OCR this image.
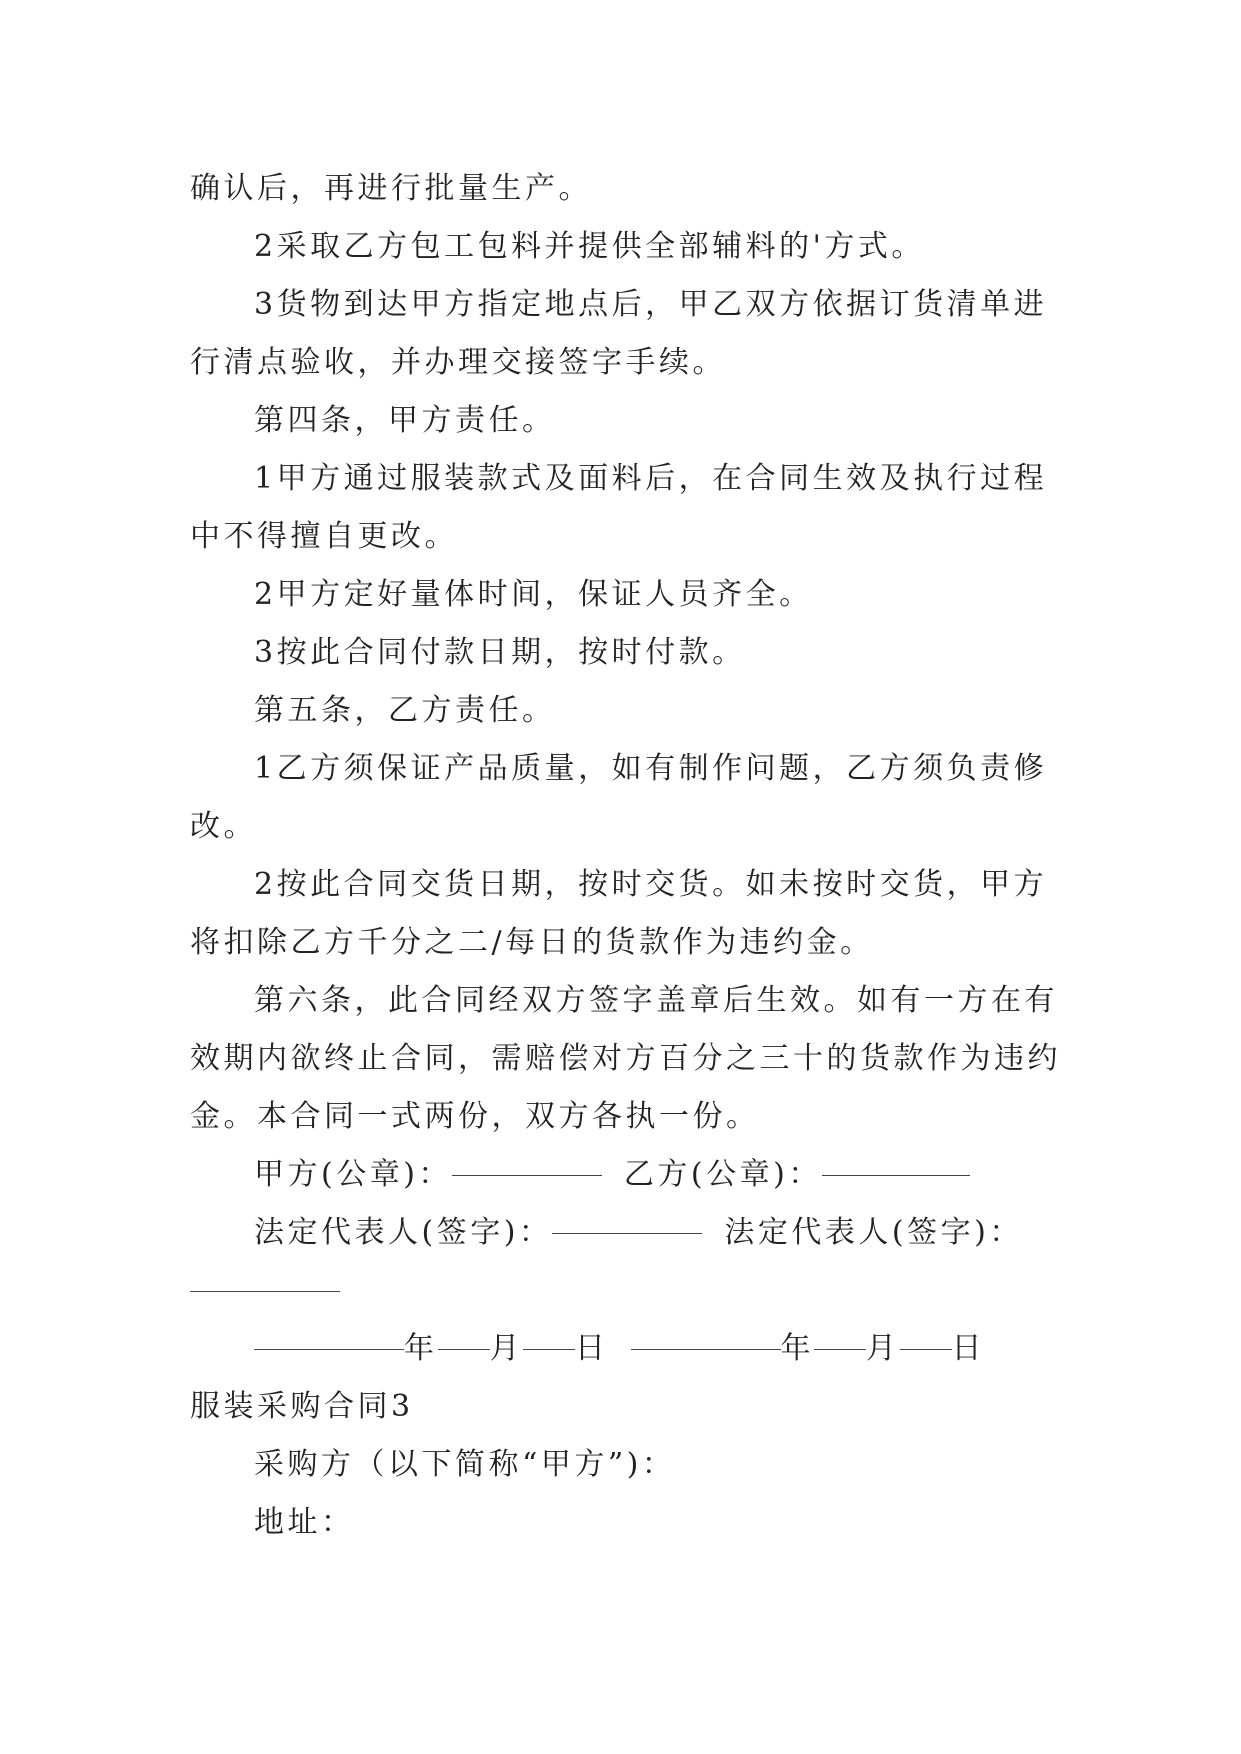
确认后，再进行批量生产。

2采取乙方包工包料并提供全部辅料的'方式。

3货物到达甲方指定地点后，甲乙双方依据订货清单进

行清点验收，并办理交接签字手续。

第四条，甲方责任。

1甲方通过服装款式及面料后，在合同生效及执行过程

中不得擅自更改。

2甲方定好量体时间，保证人员齐全。

3按此合同付款日期，按时付款。

第五条，乙方责任。

1乙方须保证产品质量，如有制作问题，乙方须负责修

改。

2按此合同交货日期，按时交货。如未按时交货，甲方

将扣除乙方千分之二/每日的货款作为违约金。

第六条，此合同经双方签字盖章后生效。如有一方在有

效期内欲终止合同，需赔偿对方百分之三十的货款作为违约

金。本合同一式两份，双方各执一份。

甲方(公章)：	乙方(公章)：

法定代表人(签字)：	法定代表人(签字)：

年 月 日	年 月 日

服装采购合同3

采购方（以下简称“甲方”)：

地址：
